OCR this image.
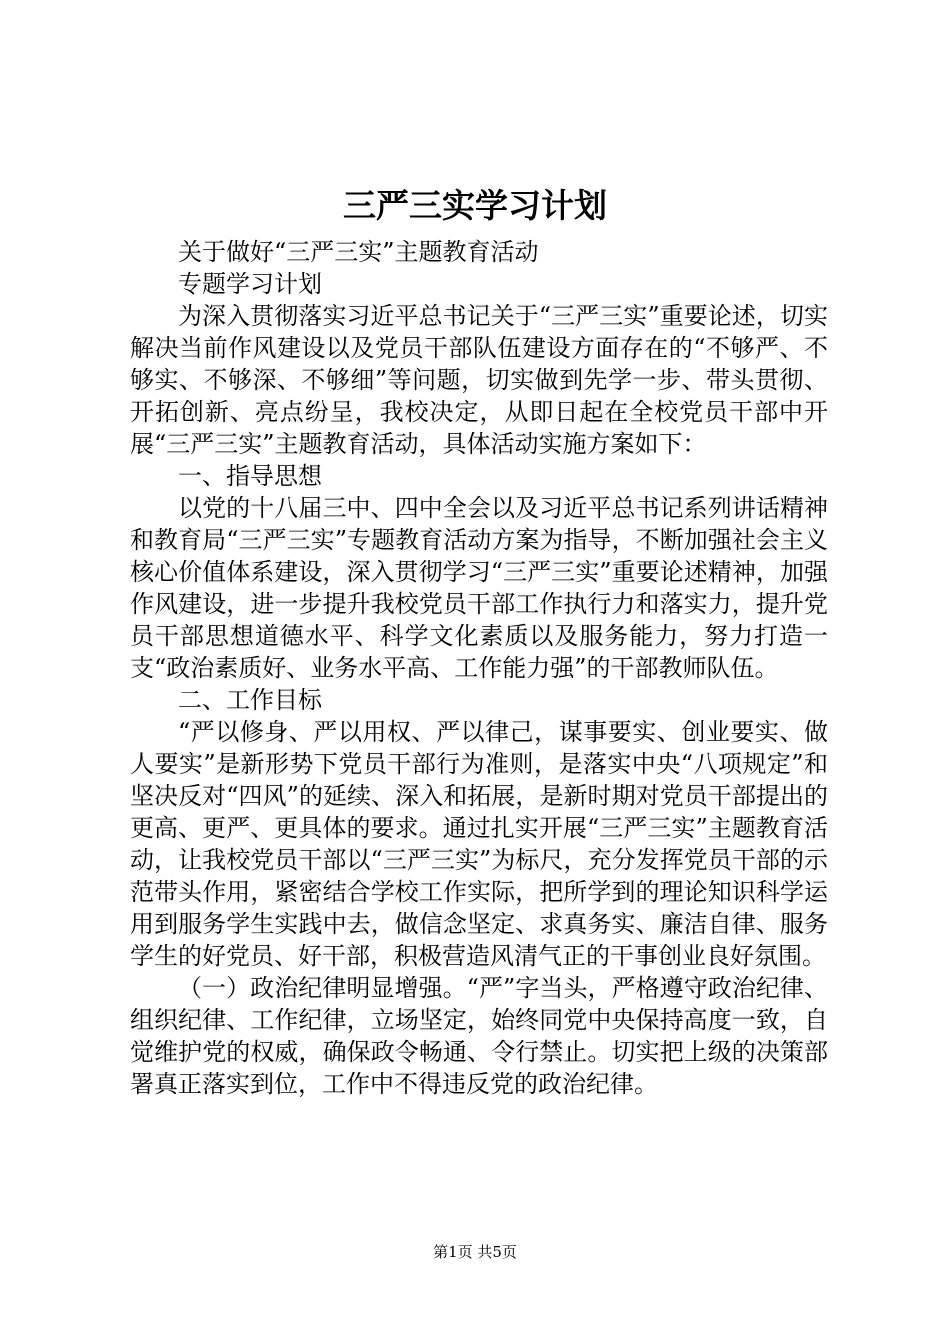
三严三实学习计划

关于做好“三严三实”主题教育活动

专题学习计划

为深入贯彻落实习近平总书记关于“三严三实”重要论述，切实解决当前作风建设以及党员干部队伍建设方面存在的“不够严、不够实、不够深、不够细”等问题，切实做到先学一步、带头贯彻、开拓创新、亮点纷呈，我校决定，从即日起在全校党员干部中开展“三严三实”主题教育活动，具体活动实施方案如下：

一、指导思想

以党的十八届三中、四中全会以及习近平总书记系列讲话精神和教育局“三严三实”专题教育活动方案为指导，不断加强社会主义核心价值体系建设，深入贯彻学习“三严三实”重要论述精神，加强作风建设，进一步提升我校党员干部工作执行力和落实力，提升党员干部思想道德水平、科学文化素质以及服务能力，努力打造一支“政治素质好、业务水平高、工作能力强”的干部教师队伍。

二、工作目标

“严以修身、严以用权、严以律己，谋事要实、创业要实、做人要实”是新形势下党员干部行为准则，是落实中央“八项规定”和坚决反对“四风”的延续、深入和拓展，是新时期对党员干部提出的更高、更严、更具体的要求。通过扎实开展“三严三实”主题教育活动，让我校党员干部以“三严三实”为标尺，充分发挥党员干部的示范带头作用，紧密结合学校工作实际，把所学到的理论知识科学运用到服务学生实践中去，做信念坚定、求真务实、廉洁自律、服务学生的好党员、好干部，积极营造风清气正的干事创业良好氛围。

（一）政治纪律明显增强。“严”字当头，严格遵守政治纪律、组织纪律、工作纪律，立场坚定，始终同党中央保持高度一致，自觉维护党的权威，确保政令畅通、令行禁止。切实把上级的决策部署真正落实到位，工作中不得违反党的政治纪律。

第1页 共5页
